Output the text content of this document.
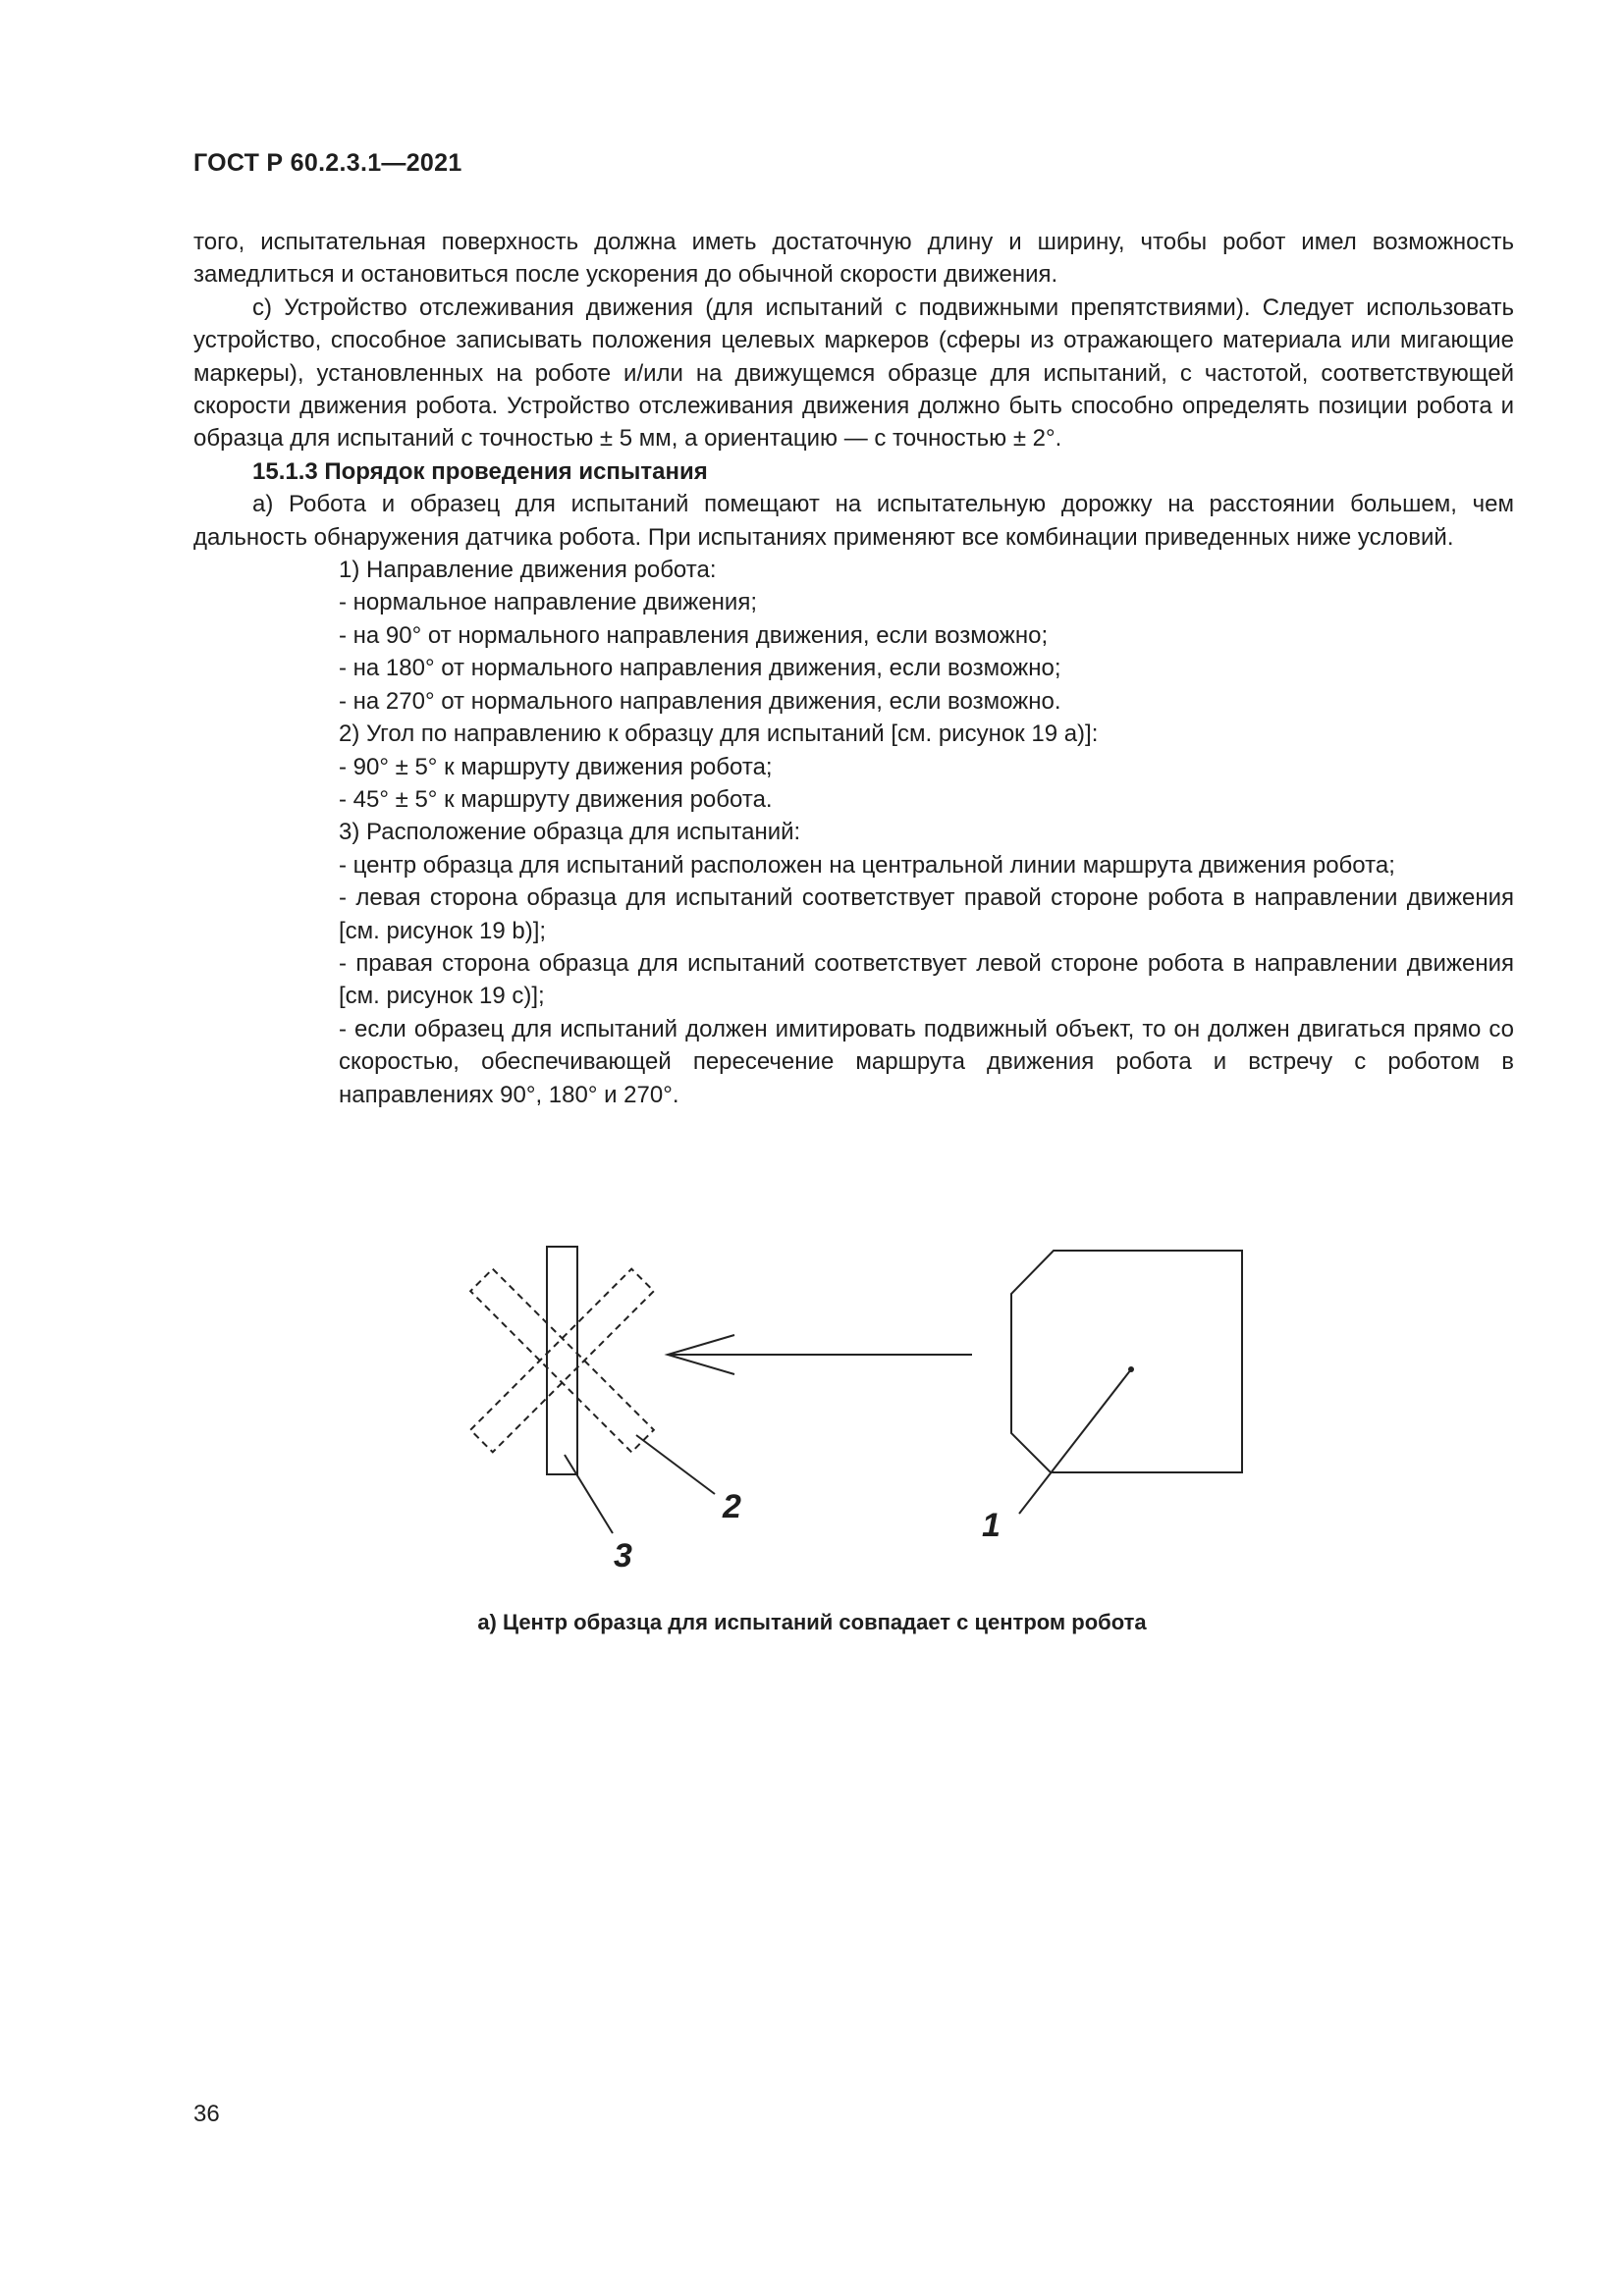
ГОСТ Р 60.2.3.1—2021

того, испытательная поверхность должна иметь достаточную длину и ширину, чтобы робот имел возможность замедлиться и остановиться после ускорения до обычной скорости движения.

с) Устройство отслеживания движения (для испытаний с подвижными препятствиями). Следует использовать устройство, способное записывать положения целевых маркеров (сферы из отражающего материала или мигающие маркеры), установленных на роботе и/или на движущемся образце для испытаний, с частотой, соответствующей скорости движения робота. Устройство отслеживания движения должно быть способно определять позиции робота и образца для испытаний с точностью ± 5 мм, а ориентацию — с точностью ± 2°.

15.1.3 Порядок проведения испытания

а) Робота и образец для испытаний помещают на испытательную дорожку на расстоянии большем, чем дальность обнаружения датчика робота. При испытаниях применяют все комбинации приведенных ниже условий.

1) Направление движения робота:

- нормальное направление движения;

- на 90° от нормального направления движения, если возможно;

- на 180° от нормального направления движения, если возможно;

- на 270° от нормального направления движения, если возможно.

2) Угол по направлению к образцу для испытаний [см. рисунок 19 а)]:

- 90° ± 5° к маршруту движения робота;

- 45° ± 5° к маршруту движения робота.

3) Расположение образца для испытаний:

- центр образца для испытаний расположен на центральной линии маршрута движения робота;

- левая сторона образца для испытаний соответствует правой стороне робота в направлении движения [см. рисунок 19 b)];

- правая сторона образца для испытаний соответствует левой стороне робота в направлении движения [см. рисунок 19 с)];

- если образец для испытаний должен имитировать подвижный объект, то он должен двигаться прямо со скоростью, обеспечивающей пересечение маршрута движения робота и встречу с роботом в направлениях 90°, 180° и 270°.

1
2
3
а) Центр образца для испытаний совпадает с центром робота
36
